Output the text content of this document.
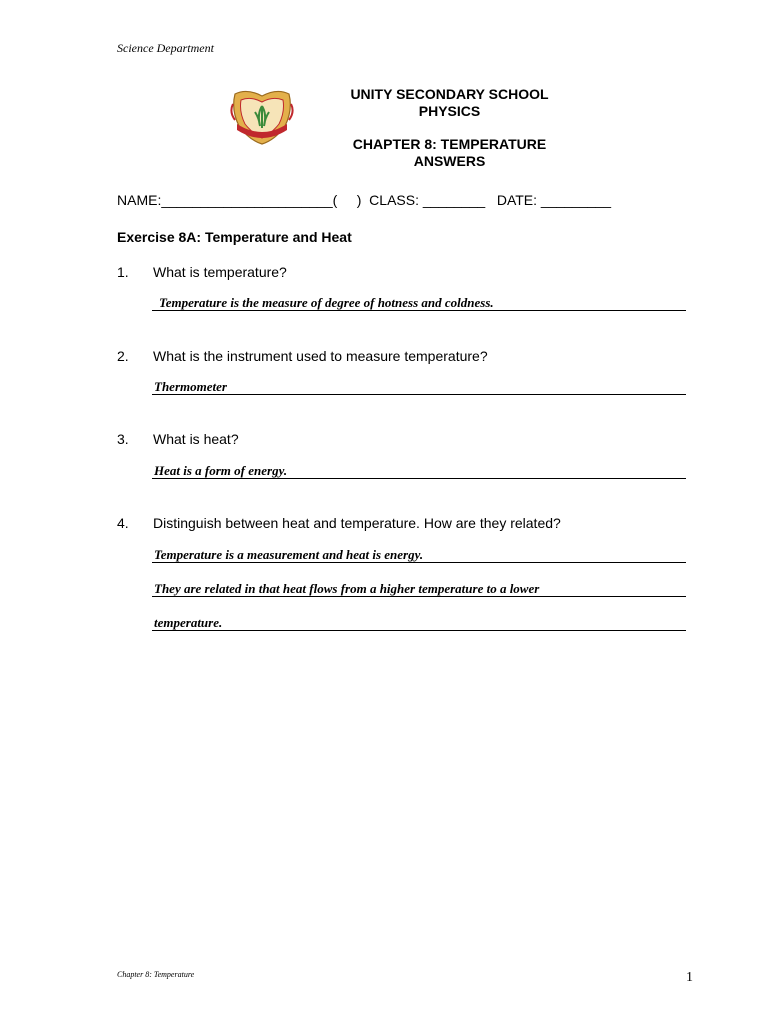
Science Department
UNITY SECONDARY SCHOOL
PHYSICS
CHAPTER 8: TEMPERATURE
ANSWERS
NAME:______________________(     )  CLASS: ________   DATE: _________
Exercise 8A: Temperature and Heat
1. What is temperature?
Temperature is the measure of degree of hotness and coldness.
2. What is the instrument used to measure temperature?
Thermometer
3. What is heat?
Heat is a form of energy.
4. Distinguish between heat and temperature. How are they related?
Temperature is a measurement and heat is energy.
They are related in that heat flows from a higher temperature to a lower
temperature.
Chapter 8: Temperature	1
